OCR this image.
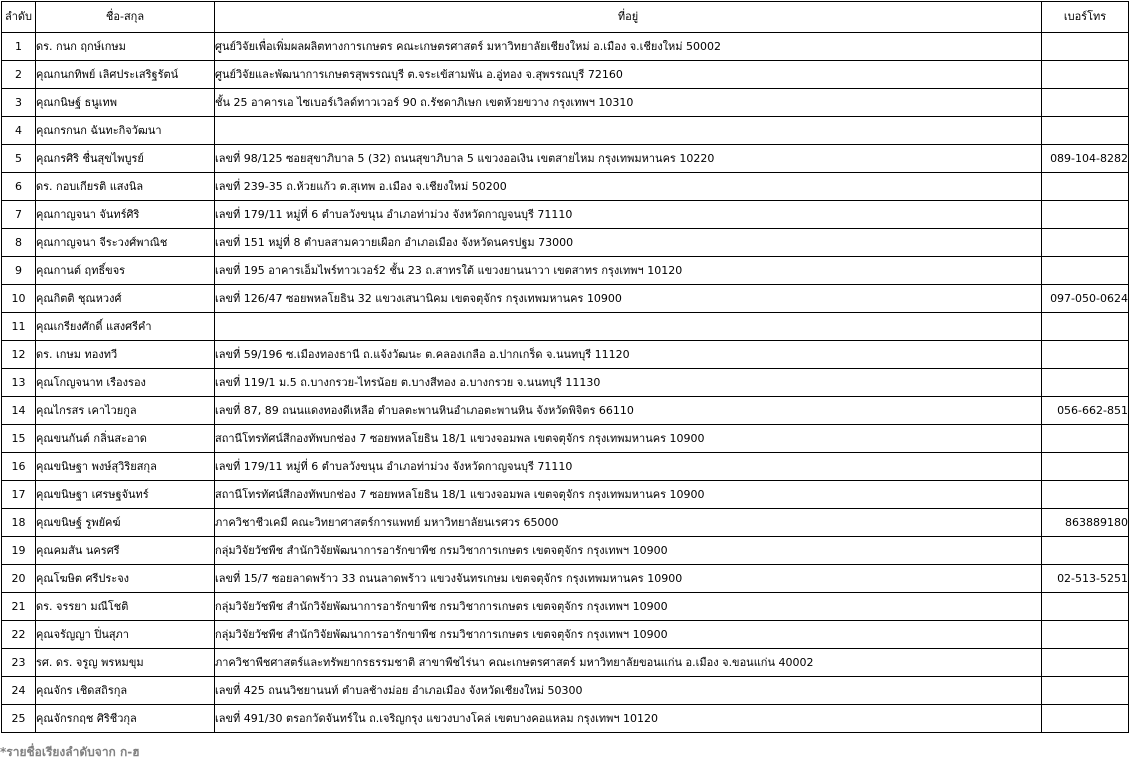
ลำดับ	ชื่อ-สกุล	ที่อยู่	เบอร์โทร
1	ดร. กนก ฤกษ์เกษม	ศูนย์วิจัยเพื่อเพิ่มผลผลิตทางการเกษตร คณะเกษตรศาสตร์ มหาวิทยาลัยเชียงใหม่ อ.เมือง จ.เชียงใหม่ 50002	
2	คุณกนกทิพย์ เลิศประเสริฐรัตน์	ศูนย์วิจัยและพัฒนาการเกษตรสุพรรณบุรี ต.จระเข้สามพัน อ.อู่ทอง จ.สุพรรณบุรี 72160	
3	คุณกนิษฐ์ ธนูเทพ	ชั้น 25 อาคารเอ ไซเบอร์เวิลด์ทาวเวอร์ 90 ถ.รัชดาภิเษก เขตห้วยขวาง กรุงเทพฯ 10310	
4	คุณกรกนก ฉันทะกิจวัฒนา		
5	คุณกรศิริ ชื่นสุขไพบูรย์	เลขที่ 98/125 ซอยสุขาภิบาล 5 (32) ถนนสุขาภิบาล 5 แขวงออเงิน เขตสายไหม กรุงเทพมหานคร 10220	089-104-8282
6	ดร. กอบเกียรติ แสงนิล	เลขที่ 239-35 ถ.ห้วยแก้ว ต.สุเทพ อ.เมือง จ.เชียงใหม่ 50200	
7	คุณกาญจนา จันทร์ศิริ	เลขที่ 179/11 หมู่ที่ 6 ตำบลวังขนุน อำเภอท่าม่วง จังหวัดกาญจนบุรี 71110	
8	คุณกาญจนา จีระวงศ์พาณิช	เลขที่ 151 หมู่ที่ 8 ตำบลสามควายเผือก อำเภอเมือง จังหวัดนครปฐม 73000	
9	คุณกานต์ ฤทธิ์ขจร	เลขที่ 195 อาคารเอ็มไพร์ทาวเวอร์2 ชั้น 23 ถ.สาทรใต้ แขวงยานนาวา เขตสาทร กรุงเทพฯ 10120	
10	คุณกิตติ ชุณหวงศ์	เลขที่ 126/47 ซอยพหลโยธิน 32 แขวงเสนานิคม เขตจตุจักร กรุงเทพมหานคร 10900	097-050-0624
11	คุณเกรียงศักดิ์ แสงศรีคำ		
12	ดร. เกษม ทองทวี	เลขที่ 59/196 ซ.เมืองทองธานี ถ.แจ้งวัฒนะ ต.คลองเกลือ อ.ปากเกร็ด จ.นนทบุรี 11120	
13	คุณโกญจนาท เรืองรอง	เลขที่ 119/1 ม.5 ถ.บางกรวย-ไทรน้อย ต.บางสีทอง อ.บางกรวย จ.นนทบุรี 11130	
14	คุณไกรสร เคาไวยกูล	เลขที่ 87, 89 ถนนแดงทองดีเหลือ ตำบลตะพานหินอำเภอตะพานหิน จังหวัดพิจิตร 66110	056-662-851
15	คุณขนกันต์ กลิ่นสะอาด	สถานีโทรทัศน์สีกองทัพบกช่อง 7 ซอยพหลโยธิน 18/1 แขวงจอมพล เขตจตุจักร กรุงเทพมหานคร 10900	
16	คุณขนิษฐา พงษ์สุวิริยสกุล	เลขที่ 179/11 หมู่ที่ 6 ตำบลวังขนุน อำเภอท่าม่วง จังหวัดกาญจนบุรี 71110	
17	คุณขนิษฐา เศรษฐจันทร์	สถานีโทรทัศน์สีกองทัพบกช่อง 7 ซอยพหลโยธิน 18/1 แขวงจอมพล เขตจตุจักร กรุงเทพมหานคร 10900	
18	คุณขนิษฐ์ รูพยัคฆ์	ภาควิชาชีวเคมี คณะวิทยาศาสตร์การแพทย์ มหาวิทยาลัยนเรศวร 65000	863889180
19	คุณคมสัน นครศรี	กลุ่มวิจัยวัชพืช สำนักวิจัยพัฒนาการอารักขาพืช กรมวิชาการเกษตร เขตจตุจักร กรุงเทพฯ 10900	
20	คุณโฆษิต ศรีประจง	เลขที่ 15/7 ซอยลาดพร้าว 33 ถนนลาดพร้าว แขวงจันทรเกษม เขตจตุจักร กรุงเทพมหานคร 10900	02-513-5251
21	ดร. จรรยา มณีโชติ	กลุ่มวิจัยวัชพืช สำนักวิจัยพัฒนาการอารักขาพืช กรมวิชาการเกษตร เขตจตุจักร กรุงเทพฯ 10900	
22	คุณจรัญญา ปิ่นสุภา	กลุ่มวิจัยวัชพืช สำนักวิจัยพัฒนาการอารักขาพืช กรมวิชาการเกษตร เขตจตุจักร กรุงเทพฯ 10900	
23	รศ. ดร. จรูญ พรหมขุม	ภาควิชาพืชศาสตร์และทรัพยากรธรรมชาติ สาขาพืชไร่นา คณะเกษตรศาสตร์ มหาวิทยาลัยขอนแก่น อ.เมือง จ.ขอนแก่น 40002	
24	คุณจักร เชิดสถิรกุล	เลขที่ 425 ถนนวิชยานนท์ ตำบลช้างม่อย อำเภอเมือง จังหวัดเชียงใหม่ 50300	
25	คุณจักรกฤช ศิริชีวกุล	เลขที่ 491/30 ตรอกวัดจันทร์ใน ถ.เจริญกรุง แขวงบางโคล่ เขตบางคอแหลม กรุงเทพฯ 10120	
*รายชื่อเรียงลำดับจาก ก-ฮ
